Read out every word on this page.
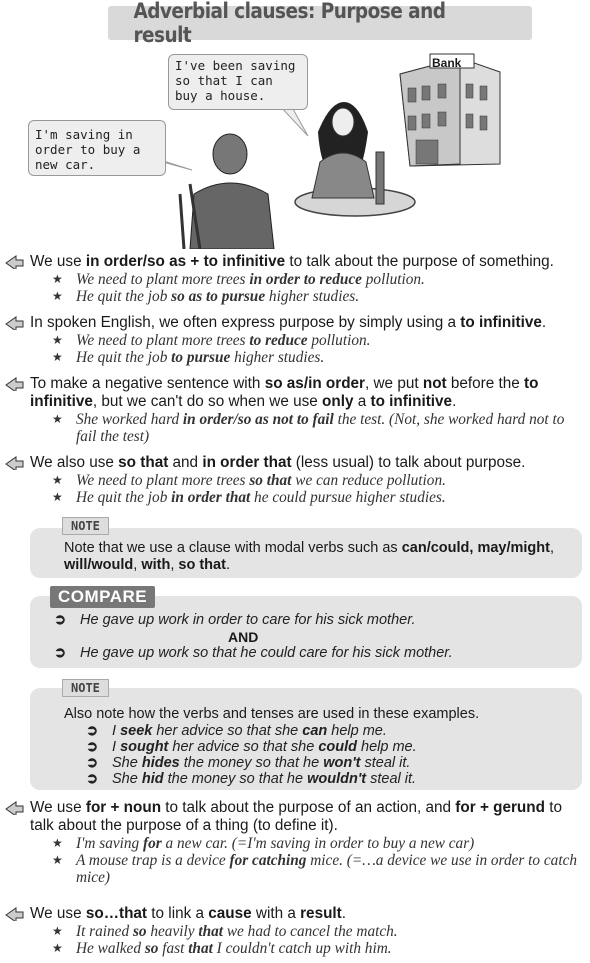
Adverbial clauses: Purpose and result
Bank
I've been saving so that I can buy a house.
I'm saving in order to buy a new car.
We use in order/so as + to infinitive to talk about the purpose of something.
★ We need to plant more trees in order to reduce pollution.
★ He quit the job so as to pursue higher studies.
In spoken English, we often express purpose by simply using a to infinitive.
★ We need to plant more trees to reduce pollution.
★ He quit the job to pursue higher studies.
To make a negative sentence with so as/in order, we put not before the to infinitive, but we can't do so when we use only a to infinitive.
★ She worked hard in order/so as not to fail the test. (Not, she worked hard not to fail the test)
We also use so that and in order that (less usual) to talk about purpose.
★ We need to plant more trees so that we can reduce pollution.
★ He quit the job in order that he could pursue higher studies.
NOTE
Note that we use a clause with modal verbs such as can/could, may/might, will/would, with, so that.
COMPARE
➲ He gave up work in order to care for his sick mother.
AND
➲ He gave up work so that he could care for his sick mother.
NOTE
Also note how the verbs and tenses are used in these examples.
➲ I seek her advice so that she can help me.
➲ I sought her advice so that she could help me.
➲ She hides the money so that he won't steal it.
➲ She hid the money so that he wouldn't steal it.
We use for + noun to talk about the purpose of an action, and for + gerund to talk about the purpose of a thing (to define it).
★ I'm saving for a new car. (=I'm saving in order to buy a new car)
★ A mouse trap is a device for catching mice. (=…a device we use in order to catch mice)
We use so…that to link a cause with a result.
★ It rained so heavily that we had to cancel the match.
★ He walked so fast that I couldn't catch up with him.
